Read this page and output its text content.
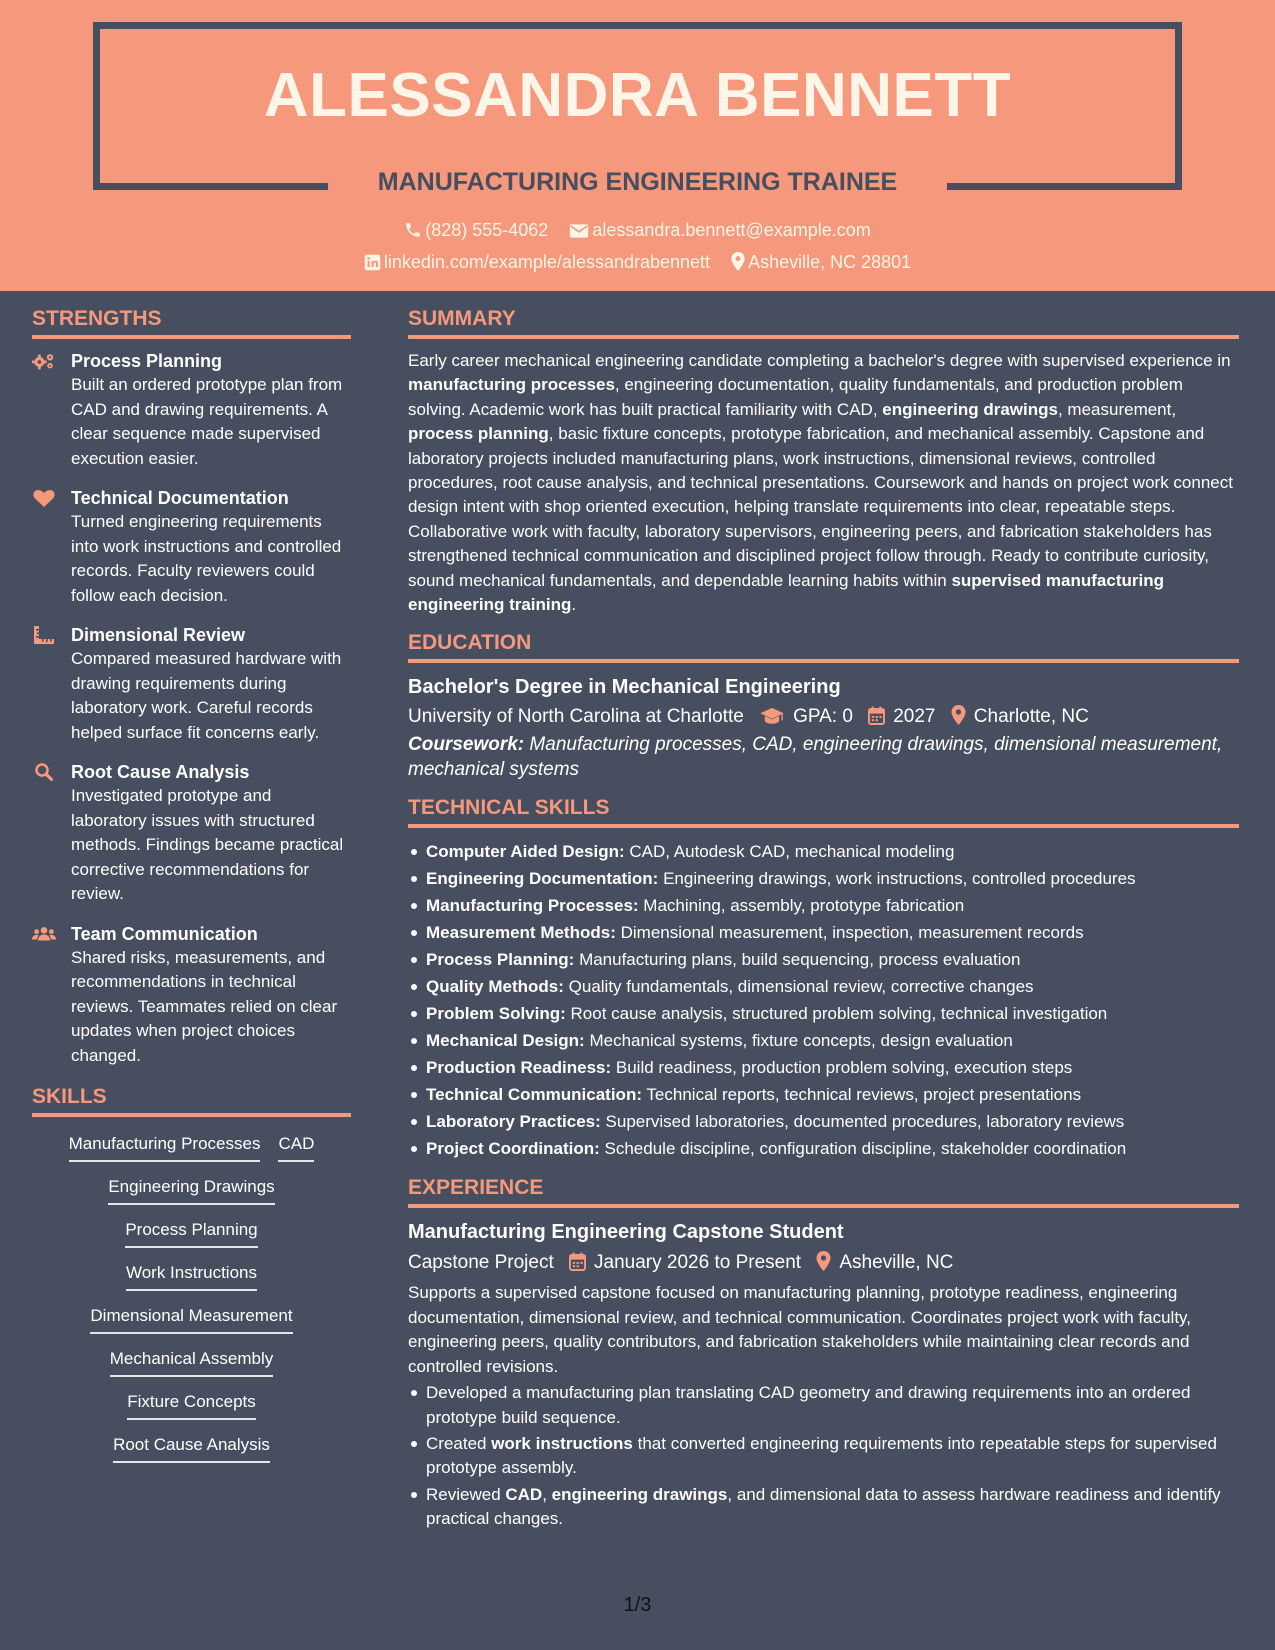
ALESSANDRA BENNETT
MANUFACTURING ENGINEERING TRAINEE
(828) 555-4062 alessandra.bennett@example.com
linkedin.com/example/alessandrabennett Asheville, NC 28801
STRENGTHS
Process Planning
Built an ordered prototype plan from CAD and drawing requirements. A clear sequence made supervised execution easier.
Technical Documentation
Turned engineering requirements into work instructions and controlled records. Faculty reviewers could follow each decision.
Dimensional Review
Compared measured hardware with drawing requirements during laboratory work. Careful records helped surface fit concerns early.
Root Cause Analysis
Investigated prototype and laboratory issues with structured methods. Findings became practical corrective recommendations for review.
Team Communication
Shared risks, measurements, and recommendations in technical reviews. Teammates relied on clear updates when project choices changed.
SKILLS
Manufacturing Processes CAD
Engineering Drawings
Process Planning
Work Instructions
Dimensional Measurement
Mechanical Assembly
Fixture Concepts
Root Cause Analysis
SUMMARY
Early career mechanical engineering candidate completing a bachelor's degree with supervised experience in manufacturing processes, engineering documentation, quality fundamentals, and production problem solving. Academic work has built practical familiarity with CAD, engineering drawings, measurement, process planning, basic fixture concepts, prototype fabrication, and mechanical assembly. Capstone and laboratory projects included manufacturing plans, work instructions, dimensional reviews, controlled procedures, root cause analysis, and technical presentations. Coursework and hands on project work connect design intent with shop oriented execution, helping translate requirements into clear, repeatable steps. Collaborative work with faculty, laboratory supervisors, engineering peers, and fabrication stakeholders has strengthened technical communication and disciplined project follow through. Ready to contribute curiosity, sound mechanical fundamentals, and dependable learning habits within supervised manufacturing engineering training.
EDUCATION
Bachelor's Degree in Mechanical Engineering
University of North Carolina at Charlotte	GPA: 0 2027 Charlotte, NC
Coursework: Manufacturing processes, CAD, engineering drawings, dimensional measurement, mechanical systems
TECHNICAL SKILLS
Computer Aided Design: CAD, Autodesk CAD, mechanical modeling
Engineering Documentation: Engineering drawings, work instructions, controlled procedures
Manufacturing Processes: Machining, assembly, prototype fabrication
Measurement Methods: Dimensional measurement, inspection, measurement records
Process Planning: Manufacturing plans, build sequencing, process evaluation
Quality Methods: Quality fundamentals, dimensional review, corrective changes
Problem Solving: Root cause analysis, structured problem solving, technical investigation
Mechanical Design: Mechanical systems, fixture concepts, design evaluation
Production Readiness: Build readiness, production problem solving, execution steps
Technical Communication: Technical reports, technical reviews, project presentations
Laboratory Practices: Supervised laboratories, documented procedures, laboratory reviews
Project Coordination: Schedule discipline, configuration discipline, stakeholder coordination
EXPERIENCE
Manufacturing Engineering Capstone Student
Capstone Project January 2026 to Present Asheville, NC
Supports a supervised capstone focused on manufacturing planning, prototype readiness, engineering documentation, dimensional review, and technical communication. Coordinates project work with faculty, engineering peers, quality contributors, and fabrication stakeholders while maintaining clear records and controlled revisions.
Developed a manufacturing plan translating CAD geometry and drawing requirements into an ordered prototype build sequence.
Created work instructions that converted engineering requirements into repeatable steps for supervised prototype assembly.
Reviewed CAD, engineering drawings, and dimensional data to assess hardware readiness and identify practical changes.
1/3
